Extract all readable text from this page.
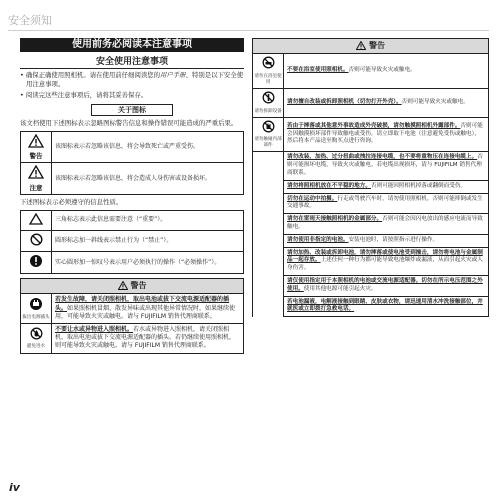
安全须知
使用前务必阅读本注意事项
安全使用注意事项
• 确保正确使用照相机。请在使用前仔细阅读您的用户手册、特别是以下安全使用注意事项。
• 阅读完这些注意事项后，请将其妥善保存。
关于图标
该文档使用下述图标表示忽略图标警告信息和操作错误可能造成的严重后果。
警告	该图标表示若忽略该信息，将会导致死亡或严重受伤。

注意	该图标表示若忽略该信息，将会造成人身伤害或设备损坏。
下述图标表示必须遵守的信息性质。
	三角标志表示此信息需要注意（“重要”）。
	圆形标志加一斜线表示禁止行为（“禁止”）。
	实心圆形加一惊叹号表示用户必须执行的操作（“必须操作”）。
警告
拔出电源插头	若发生故障，请关闭照相机，取出电池或拔下交流电源适配器的插头。如果照相机冒烟、散发异味或出现其他异常情况时，如果继续使用，可能导致火灾或触电。请与 FUJIFILM 销售代理商联系。

避免进水	不要让水或异物进入照相机。若水或异物进入照相机，请关闭照相机，取出电池或拔下交流电源适配器的插头。若仍继续使用照相机，则可能导致火灾或触电。请与 FUJIFILM 销售代理商联系。
警告
请勿在浴室使用	不要在浴室使用照相机。否则可能导致火灾或触电。

请勿拆卸设备	请勿擅自改装或拆卸照相机（切勿打开外壳）。否则可能导致火灾或触电。

请勿触碰内部部件	若由于摔落或其他意外事故造成外壳破损，请勿触摸照相机外露部件。否则可能会因触摸损坏部件导致触电或受伤。请立即取下电池（注意避免受伤或触电），然后将本产品送至购买点进行咨询。
	请勿改装、加热、过分扭曲或拽拉连接电缆，也不要将重物压在连接电缆上。否则可能损坏电缆，导致火灾或触电。若电缆出现损坏，请与 FUJIFILM 销售代理商联系。
	请勿将照相机放在不平稳的地方。否则可能因照相机掉落或翻倒而受伤。
	切勿在运动中拍摄。行走或驾驶汽车时，请勿使用照相机。否则可能摔倒或发生交通事故。
	请勿在雷雨天接触照相机的金属部分。否则可能会因闪电放出的感应电流而导致触电。
	请勿使用非指定的电池。安装电池时，请按照指示进行操作。
	请勿加热、改装或拆卸电池，请勿摔落或使电池受到撞击，请勿将电池与金属制品一起存放。上述任何一种行为都可能导致电池爆炸或漏液，从而引起火灾或人身伤害。
	请仅使用指定用于本照相机的电池或交流电源适配器。切勿在所示电压范围之外使用。使用其他电源可能引起火灾。
	若电池漏液，电解液接触到眼睛、皮肤或衣物，请迅速用清水冲洗接触部位，并就医或立即拨打急救电话。
iv
